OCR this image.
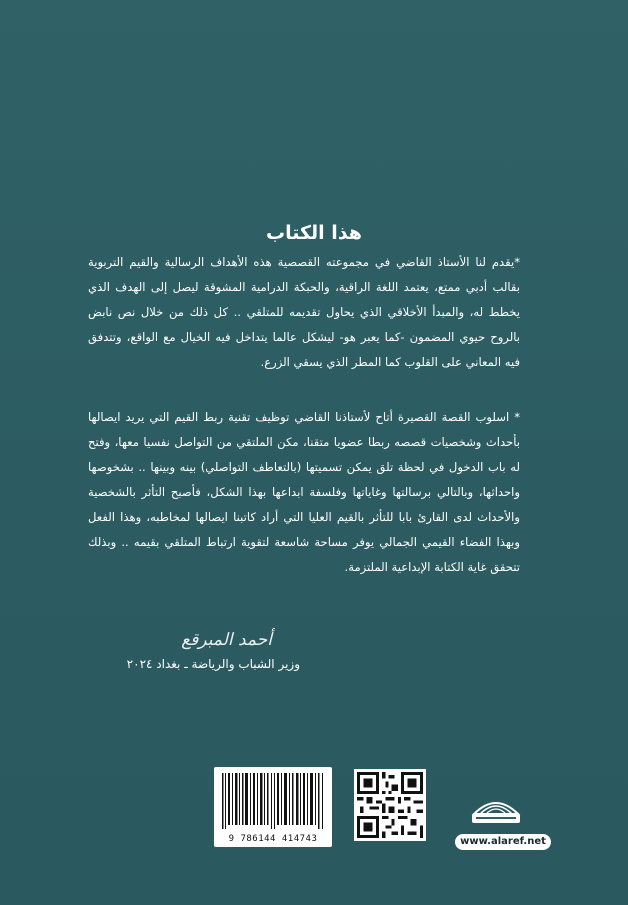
هذا الكتاب

*يقدم لنا الأستاذ القاضي في مجموعته القصصية هذه الأهداف الرسالية والقيم التربوية بقالب أدبي ممتع، يعتمد اللغة الراقية، والحبكة الدرامية المشوقة ليصل إلى الهدف الذي يخطط له، والمبدأ الأخلاقي الذي يحاول تقديمه للمتلقي .. كل ذلك من خلال نص نابض بالروح حيوي المضمون -كما يعبر هو- ليشكل عالما يتداخل فيه الخيال مع الواقع، وتتدفق فيه المعاني على القلوب كما المطر الذي يسقي الزرع.

* اسلوب القصة القصيرة أتاح لأستاذنا القاضي توظيف تقنية ربط القيم التي يريد ايصالها بأحداث وشخصيات قصصه ربطا عضويا متقنا، مكن الملتقي من التواصل نفسيا معها، وفتح له باب الدخول في لحظة تلق يمكن تسميتها (بالتعاطف التواصلي) بينه وبينها .. بشخوصها واحداثها، وبالتالي برسالتها وغاياتها وفلسفة ابداعها بهذا الشكل، فأصبح التأثر بالشخصية والأحداث لدى القارئ بابا للتأثر بالقيم العليا التي أراد كاتبنا ايصالها لمخاطبه، وهذا الفعل وبهذا الفضاء القيمي الجمالي يوفر مساحة شاسعة لتقوية ارتباط المتلقي بقيمه .. وبذلك تتحقق غاية الكتابة الإبداعية الملتزمة.

أحمد المبرقع
وزير الشباب والرياضة ـ بغداد ٢٠٢٤
9 786144 414743	www.alaref.net
